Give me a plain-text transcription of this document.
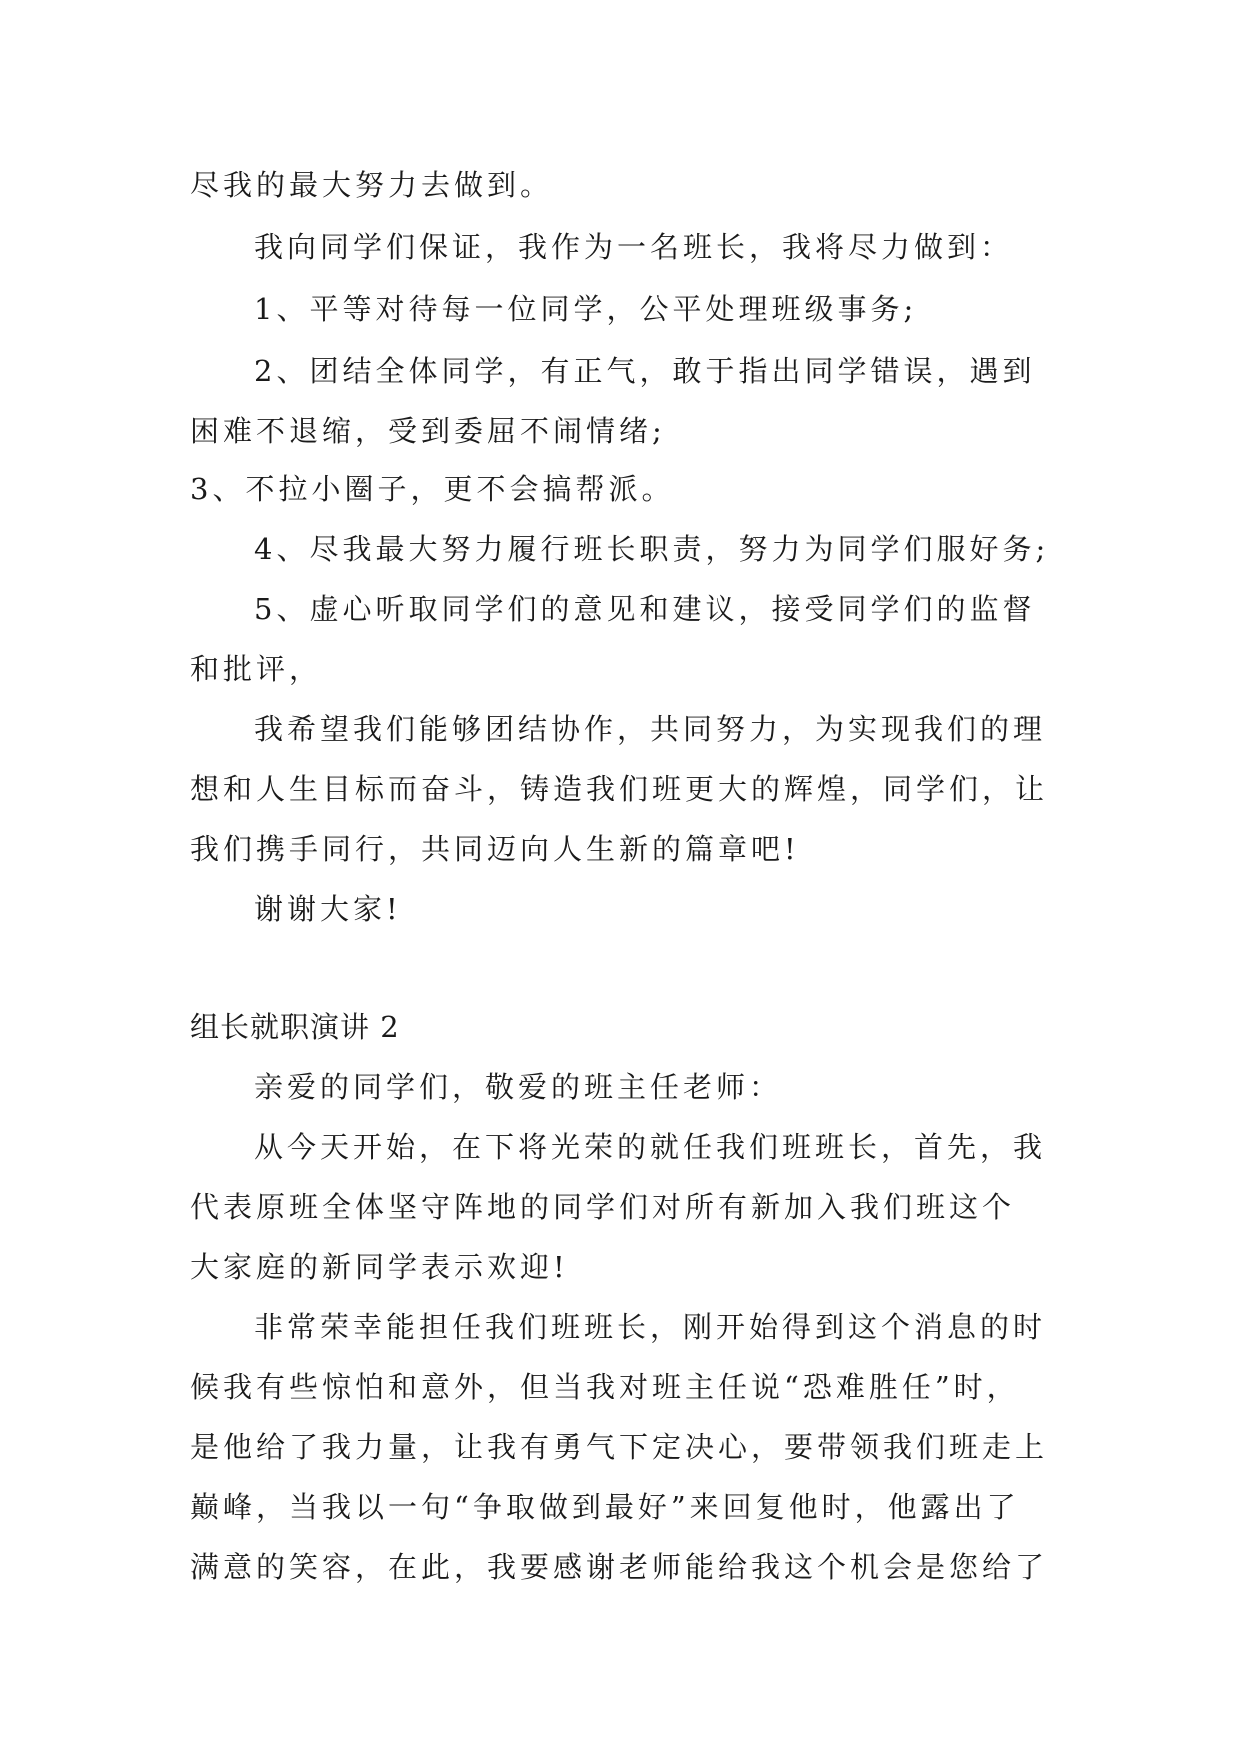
尽我的最大努力去做到。
我向同学们保证，我作为一名班长，我将尽力做到：
1、平等对待每一位同学，公平处理班级事务;
2、团结全体同学，有正气，敢于指出同学错误，遇到
困难不退缩，受到委屈不闹情绪;
3、不拉小圈子，更不会搞帮派。
4、尽我最大努力履行班长职责，努力为同学们服好务;
5、虚心听取同学们的意见和建议，接受同学们的监督
和批评，
我希望我们能够团结协作，共同努力，为实现我们的理
想和人生目标而奋斗，铸造我们班更大的辉煌，同学们，让
我们携手同行，共同迈向人生新的篇章吧!
谢谢大家!
组长就职演讲 2
亲爱的同学们，敬爱的班主任老师：
从今天开始，在下将光荣的就任我们班班长，首先，我
代表原班全体坚守阵地的同学们对所有新加入我们班这个
大家庭的新同学表示欢迎!
非常荣幸能担任我们班班长，刚开始得到这个消息的时
候我有些惊怕和意外，但当我对班主任说“恐难胜任”时，
是他给了我力量，让我有勇气下定决心，要带领我们班走上
巅峰，当我以一句“争取做到最好”来回复他时，他露出了
满意的笑容，在此，我要感谢老师能给我这个机会是您给了
